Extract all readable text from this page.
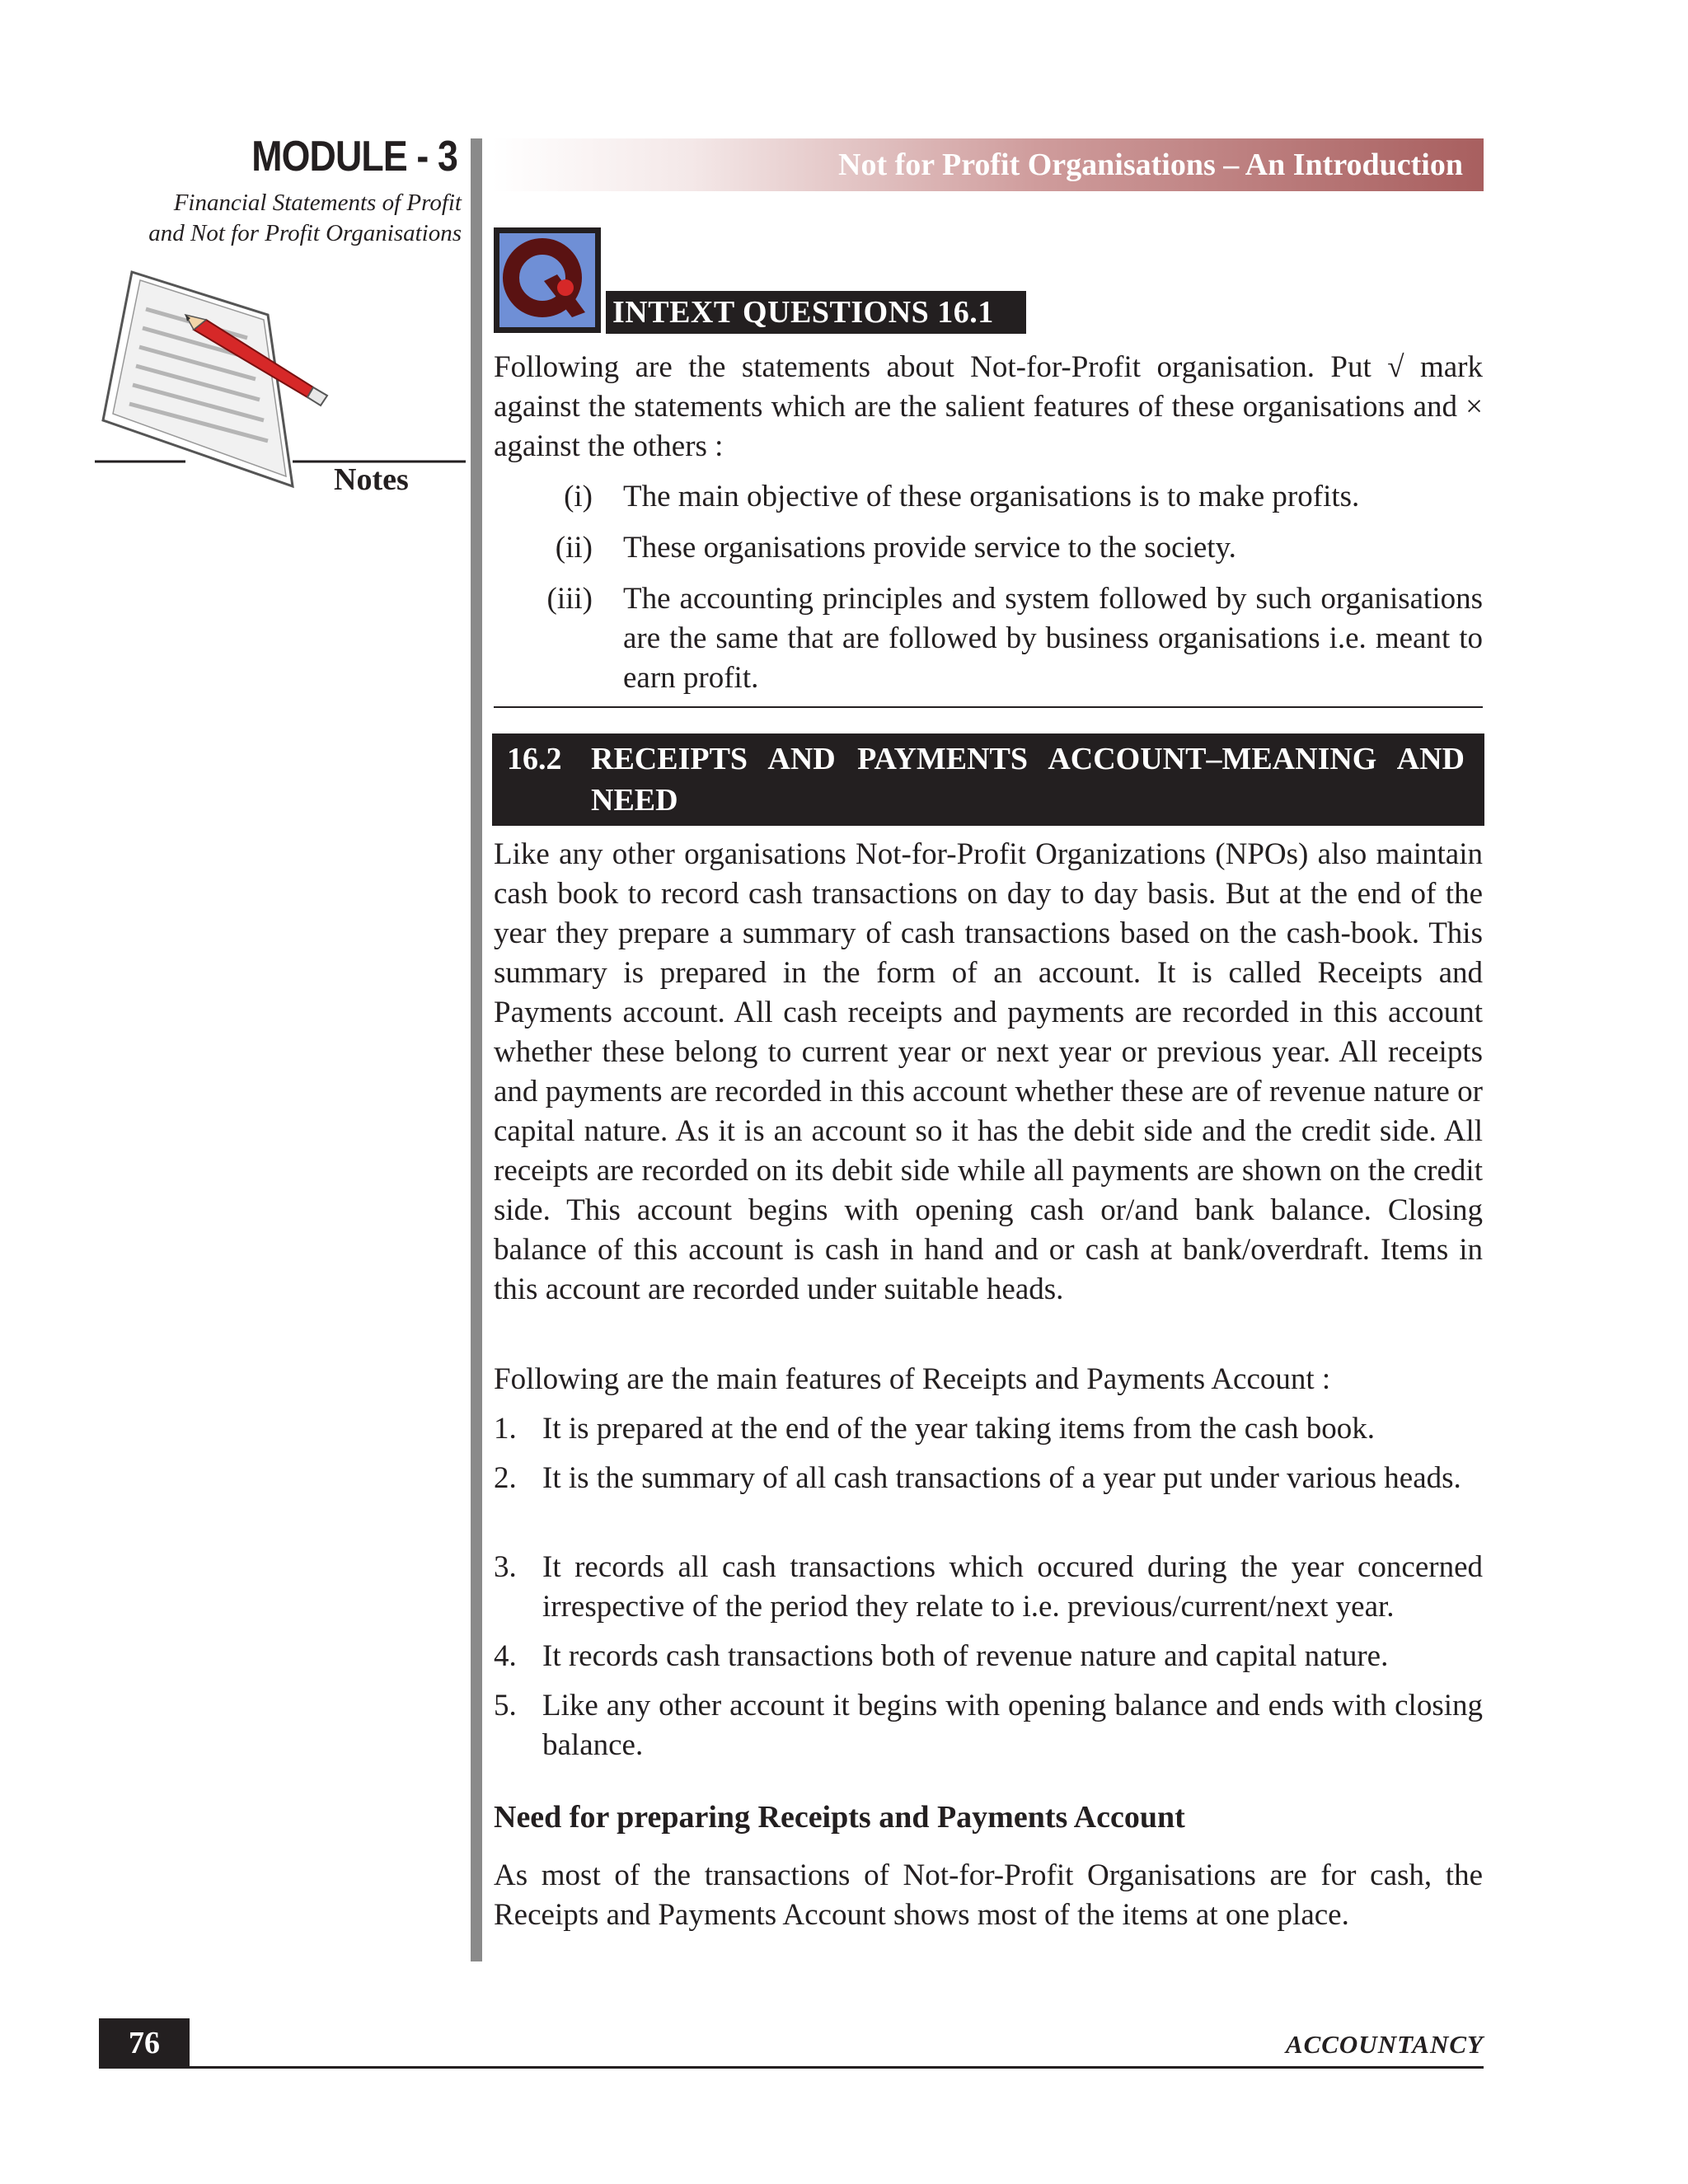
MODULE - 3
Financial Statements of Profit
and Not for Profit Organisations
Notes
Not for Profit Organisations – An Introduction
INTEXT QUESTIONS 16.1

Following are the statements about Not-for-Profit organisation. Put √ mark against the statements which are the salient features of these organisations and × against the others :

(i) The main objective of these organisations is to make profits.
(ii) These organisations provide service to the society.
(iii) The accounting principles and system followed by such organisations are the same that are followed by business organisations i.e. meant to earn profit.
16.2 RECEIPTS AND PAYMENTS ACCOUNT–MEANING AND NEED

Like any other organisations Not-for-Profit Organizations (NPOs) also maintain cash book to record cash transactions on day to day basis. But at the end of the year they prepare a summary of cash transactions based on the cash-book. This summary is prepared in the form of an account. It is called Receipts and Payments account. All cash receipts and payments are recorded in this account whether these belong to current year or next year or previous year. All receipts and payments are recorded in this account whether these are of revenue nature or capital nature. As it is an account so it has the debit side and the credit side. All receipts are recorded on its debit side while all payments are shown on the credit side. This account begins with opening cash or/and bank balance. Closing balance of this account is cash in hand and or cash at bank/overdraft. Items in this account are recorded under suitable heads.

Following are the main features of Receipts and Payments Account :

1. It is prepared at the end of the year taking items from the cash book.
2. It is the summary of all cash transactions of a year put under various heads.
3. It records all cash transactions which occured during the year concerned irrespective of the period they relate to i.e. previous/current/next year.
4. It records cash transactions both of revenue nature and capital nature.
5. Like any other account it begins with opening balance and ends with closing balance.
Need for preparing Receipts and Payments Account

As most of the transactions of Not-for-Profit Organisations are for cash, the Receipts and Payments Account shows most of the items at one place.

76	ACCOUNTANCY
